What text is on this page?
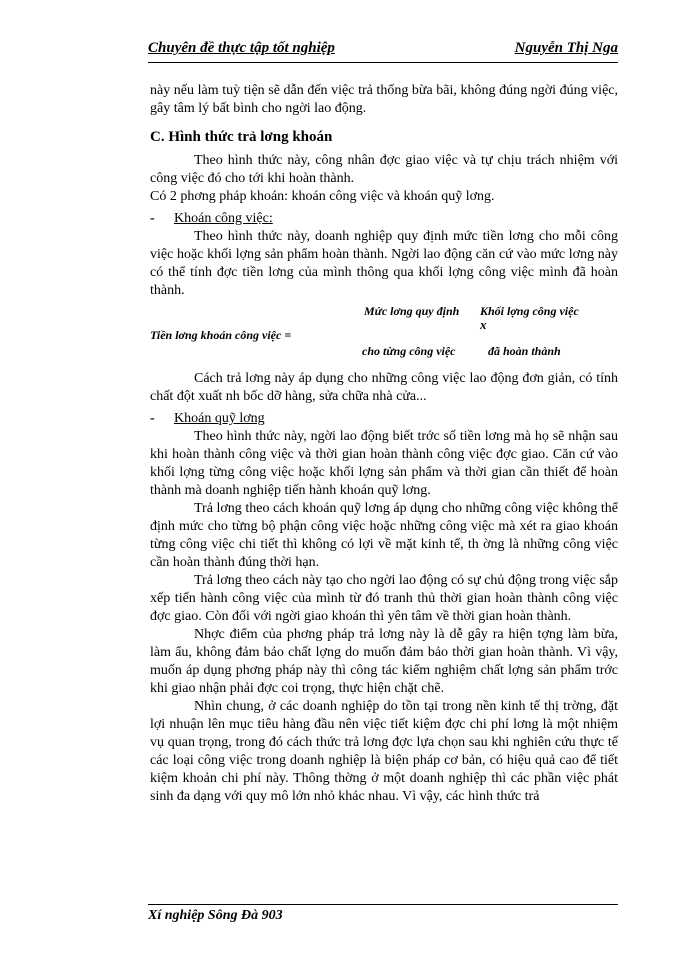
Chuyên đề thực tập tốt nghiệp	Nguyễn Thị Nga

này nếu làm tuỳ tiện sẽ dẫn đến việc trả thống bừa bãi, không đúng ngời đúng việc, gây tâm lý bất bình cho ngời lao động.

C. Hình thức trả lơng khoán

Theo hình thức này, công nhân đợc giao việc và tự chịu trách nhiệm với công việc đó cho tới khi hoàn thành.

Có 2 phơng pháp khoán: khoán công việc và khoán quỹ lơng.

- Khoán công việc:

Theo hình thức này, doanh nghiệp quy định mức tiền lơng cho mỗi công việc hoặc khối lợng sản phẩm hoàn thành. Ngời lao động căn cứ vào mức lơng này có thể tính đợc tiền lơng của mình thông qua khối lợng công việc mình đã hoàn thành.

Tiền lơng khoán công việc =
Mức lơng quy định Khối lợng công việc
x
cho từng công việc	đã hoàn thành

Cách trả lơng này áp dụng cho những công việc lao động đơn giản, có tính chất đột xuất nh bốc dỡ hàng, sửa chữa nhà cửa...

- Khoán quỹ lơng

Theo hình thức này, ngời lao động biết trớc số tiền lơng mà họ sẽ nhận sau khi hoàn thành công việc và thời gian hoàn thành công việc đợc giao. Căn cứ vào khối lợng từng công việc hoặc khối lợng sản phẩm và thời gian cần thiết để hoàn thành mà doanh nghiệp tiến hành khoán quỹ lơng.

Trả lơng theo cách khoán quỹ lơng áp dụng cho những công việc không thể định mức cho từng bộ phận công việc hoặc những công việc mà xét ra giao khoán từng công việc chi tiết thì không có lợi về mặt kinh tế, th ờng là những công việc cần hoàn thành đúng thời hạn.

Trả lơng theo cách này tạo cho ngời lao động có sự chủ động trong việc sắp xếp tiến hành công việc của mình từ đó tranh thủ thời gian hoàn thành công việc đợc giao. Còn đối với ngời giao khoán thì yên tâm về thời gian hoàn thành.

Nhợc điểm của phơng pháp trả lơng này là dễ gây ra hiện tợng làm bừa, làm ẩu, không đảm bảo chất lợng do muốn đảm bảo thời gian hoàn thành. Vì vậy, muốn áp dụng phơng pháp này thì công tác kiểm nghiệm chất lợng sản phẩm trớc khi giao nhận phải đợc coi trọng, thực hiện chặt chẽ.

Nhìn chung, ở các doanh nghiệp do tồn tại trong nền kinh tế thị trờng, đặt lợi nhuận lên mục tiêu hàng đầu nên việc tiết kiệm đợc chi phí lơng là một nhiệm vụ quan trọng, trong đó cách thức trả lơng đợc lựa chọn sau khi nghiên cứu thực tế các loại công việc trong doanh nghiệp là biện pháp cơ bản, có hiệu quả cao để tiết kiệm khoản chi phí này. Thông thờng ở một doanh nghiệp thì các phần việc phát sinh đa dạng với quy mô lớn nhỏ khác nhau. Vì vậy, các hình thức trả

Xí nghiệp Sông Đà 903
